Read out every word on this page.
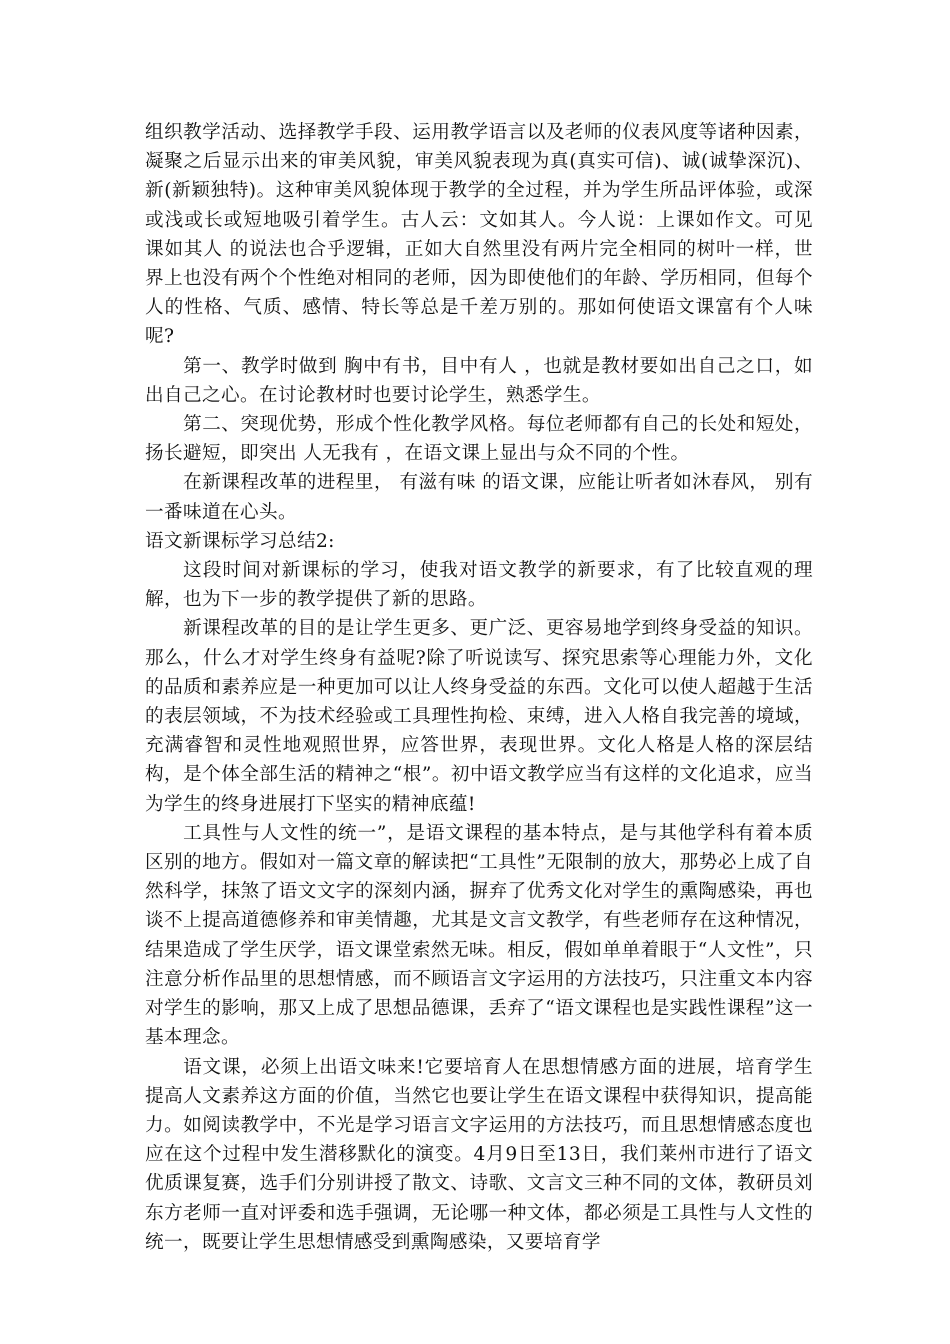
组织教学活动、选择教学手段、运用教学语言以及老师的仪表风度等诸种因素，凝聚之后显示出来的审美风貌，审美风貌表现为真(真实可信)、诚(诚挚深沉)、新(新颖独特)。这种审美风貌体现于教学的全过程，并为学生所品评体验，或深或浅或长或短地吸引着学生。古人云：文如其人。今人说：上课如作文。可见 课如其人 的说法也合乎逻辑，正如大自然里没有两片完全相同的树叶一样，世界上也没有两个个性绝对相同的老师，因为即使他们的年龄、学历相同，但每个人的性格、气质、感情、特长等总是千差万别的。那如何使语文课富有个人味呢?

第一、教学时做到 胸中有书，目中有人 ，也就是教材要如出自己之口，如出自己之心。在讨论教材时也要讨论学生，熟悉学生。

第二、突现优势，形成个性化教学风格。每位老师都有自己的长处和短处，扬长避短，即突出 人无我有 ，在语文课上显出与众不同的个性。

在新课程改革的进程里， 有滋有味 的语文课，应能让听者如沐春风， 别有一番味道在心头。

语文新课标学习总结2:

这段时间对新课标的学习，使我对语文教学的新要求，有了比较直观的理解，也为下一步的教学提供了新的思路。

新课程改革的目的是让学生更多、更广泛、更容易地学到终身受益的知识。那么，什么才对学生终身有益呢?除了听说读写、探究思索等心理能力外，文化的品质和素养应是一种更加可以让人终身受益的东西。文化可以使人超越于生活的表层领域，不为技术经验或工具理性拘检、束缚，进入人格自我完善的境域，充满睿智和灵性地观照世界，应答世界，表现世界。文化人格是人格的深层结构，是个体全部生活的精神之“根”。初中语文教学应当有这样的文化追求，应当为学生的终身进展打下坚实的精神底蕴!

工具性与人文性的统一”，是语文课程的基本特点，是与其他学科有着本质区别的地方。假如对一篇文章的解读把“工具性”无限制的放大，那势必上成了自然科学，抹煞了语文文字的深刻内涵，摒弃了优秀文化对学生的熏陶感染，再也谈不上提高道德修养和审美情趣，尤其是文言文教学，有些老师存在这种情况，结果造成了学生厌学，语文课堂索然无味。相反，假如单单着眼于“人文性”，只注意分析作品里的思想情感，而不顾语言文字运用的方法技巧，只注重文本内容对学生的影响，那又上成了思想品德课，丢弃了“语文课程也是实践性课程”这一基本理念。

语文课，必须上出语文味来!它要培育人在思想情感方面的进展，培育学生提高人文素养这方面的价值，当然它也要让学生在语文课程中获得知识，提高能力。如阅读教学中，不光是学习语言文字运用的方法技巧，而且思想情感态度也应在这个过程中发生潜移默化的演变。4月9日至13日，我们莱州市进行了语文优质课复赛，选手们分别讲授了散文、诗歌、文言文三种不同的文体，教研员刘东方老师一直对评委和选手强调，无论哪一种文体，都必须是工具性与人文性的统一，既要让学生思想情感受到熏陶感染，又要培育学
